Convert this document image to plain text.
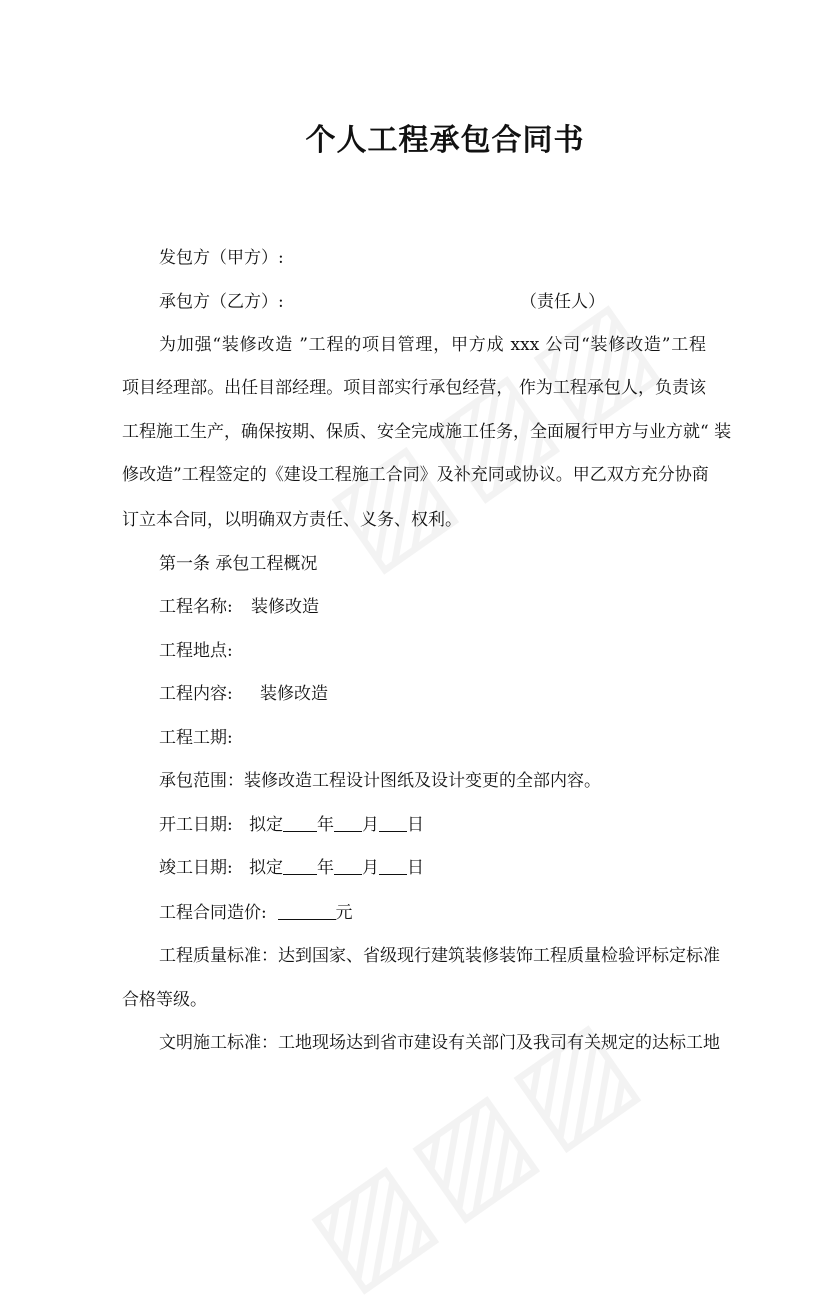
个人工程承包合同书
发包方（甲方）:
承包方（乙方）:	（责任人）
为加强“装修改造 ”工程的项目管理，甲方成 xxx 公司“装修改造”工程
项目经理部。出任目部经理。项目部实行承包经营， 作为工程承包人，负责该
工程施工生产，确保按期、保质、安全完成施工任务，全面履行甲方与业方就“ 装
修改造”工程签定的《建设工程施工合同》及补充同或协议。甲乙双方充分协商
订立本合同，以明确双方责任、义务、权利。
第一条 承包工程概况
工程名称: 装修改造
工程地点:
工程内容: 装修改造
工程工期:
承包范围：装修改造工程设计图纸及设计变更的全部内容。
开工日期: 拟定 年 月 日
竣工日期: 拟定 年 月 日
工程合同造价:	元
工程质量标准：达到国家、省级现行建筑装修装饰工程质量检验评标定标准
合格等级。
文明施工标准：工地现场达到省市建设有关部门及我司有关规定的达标工地
